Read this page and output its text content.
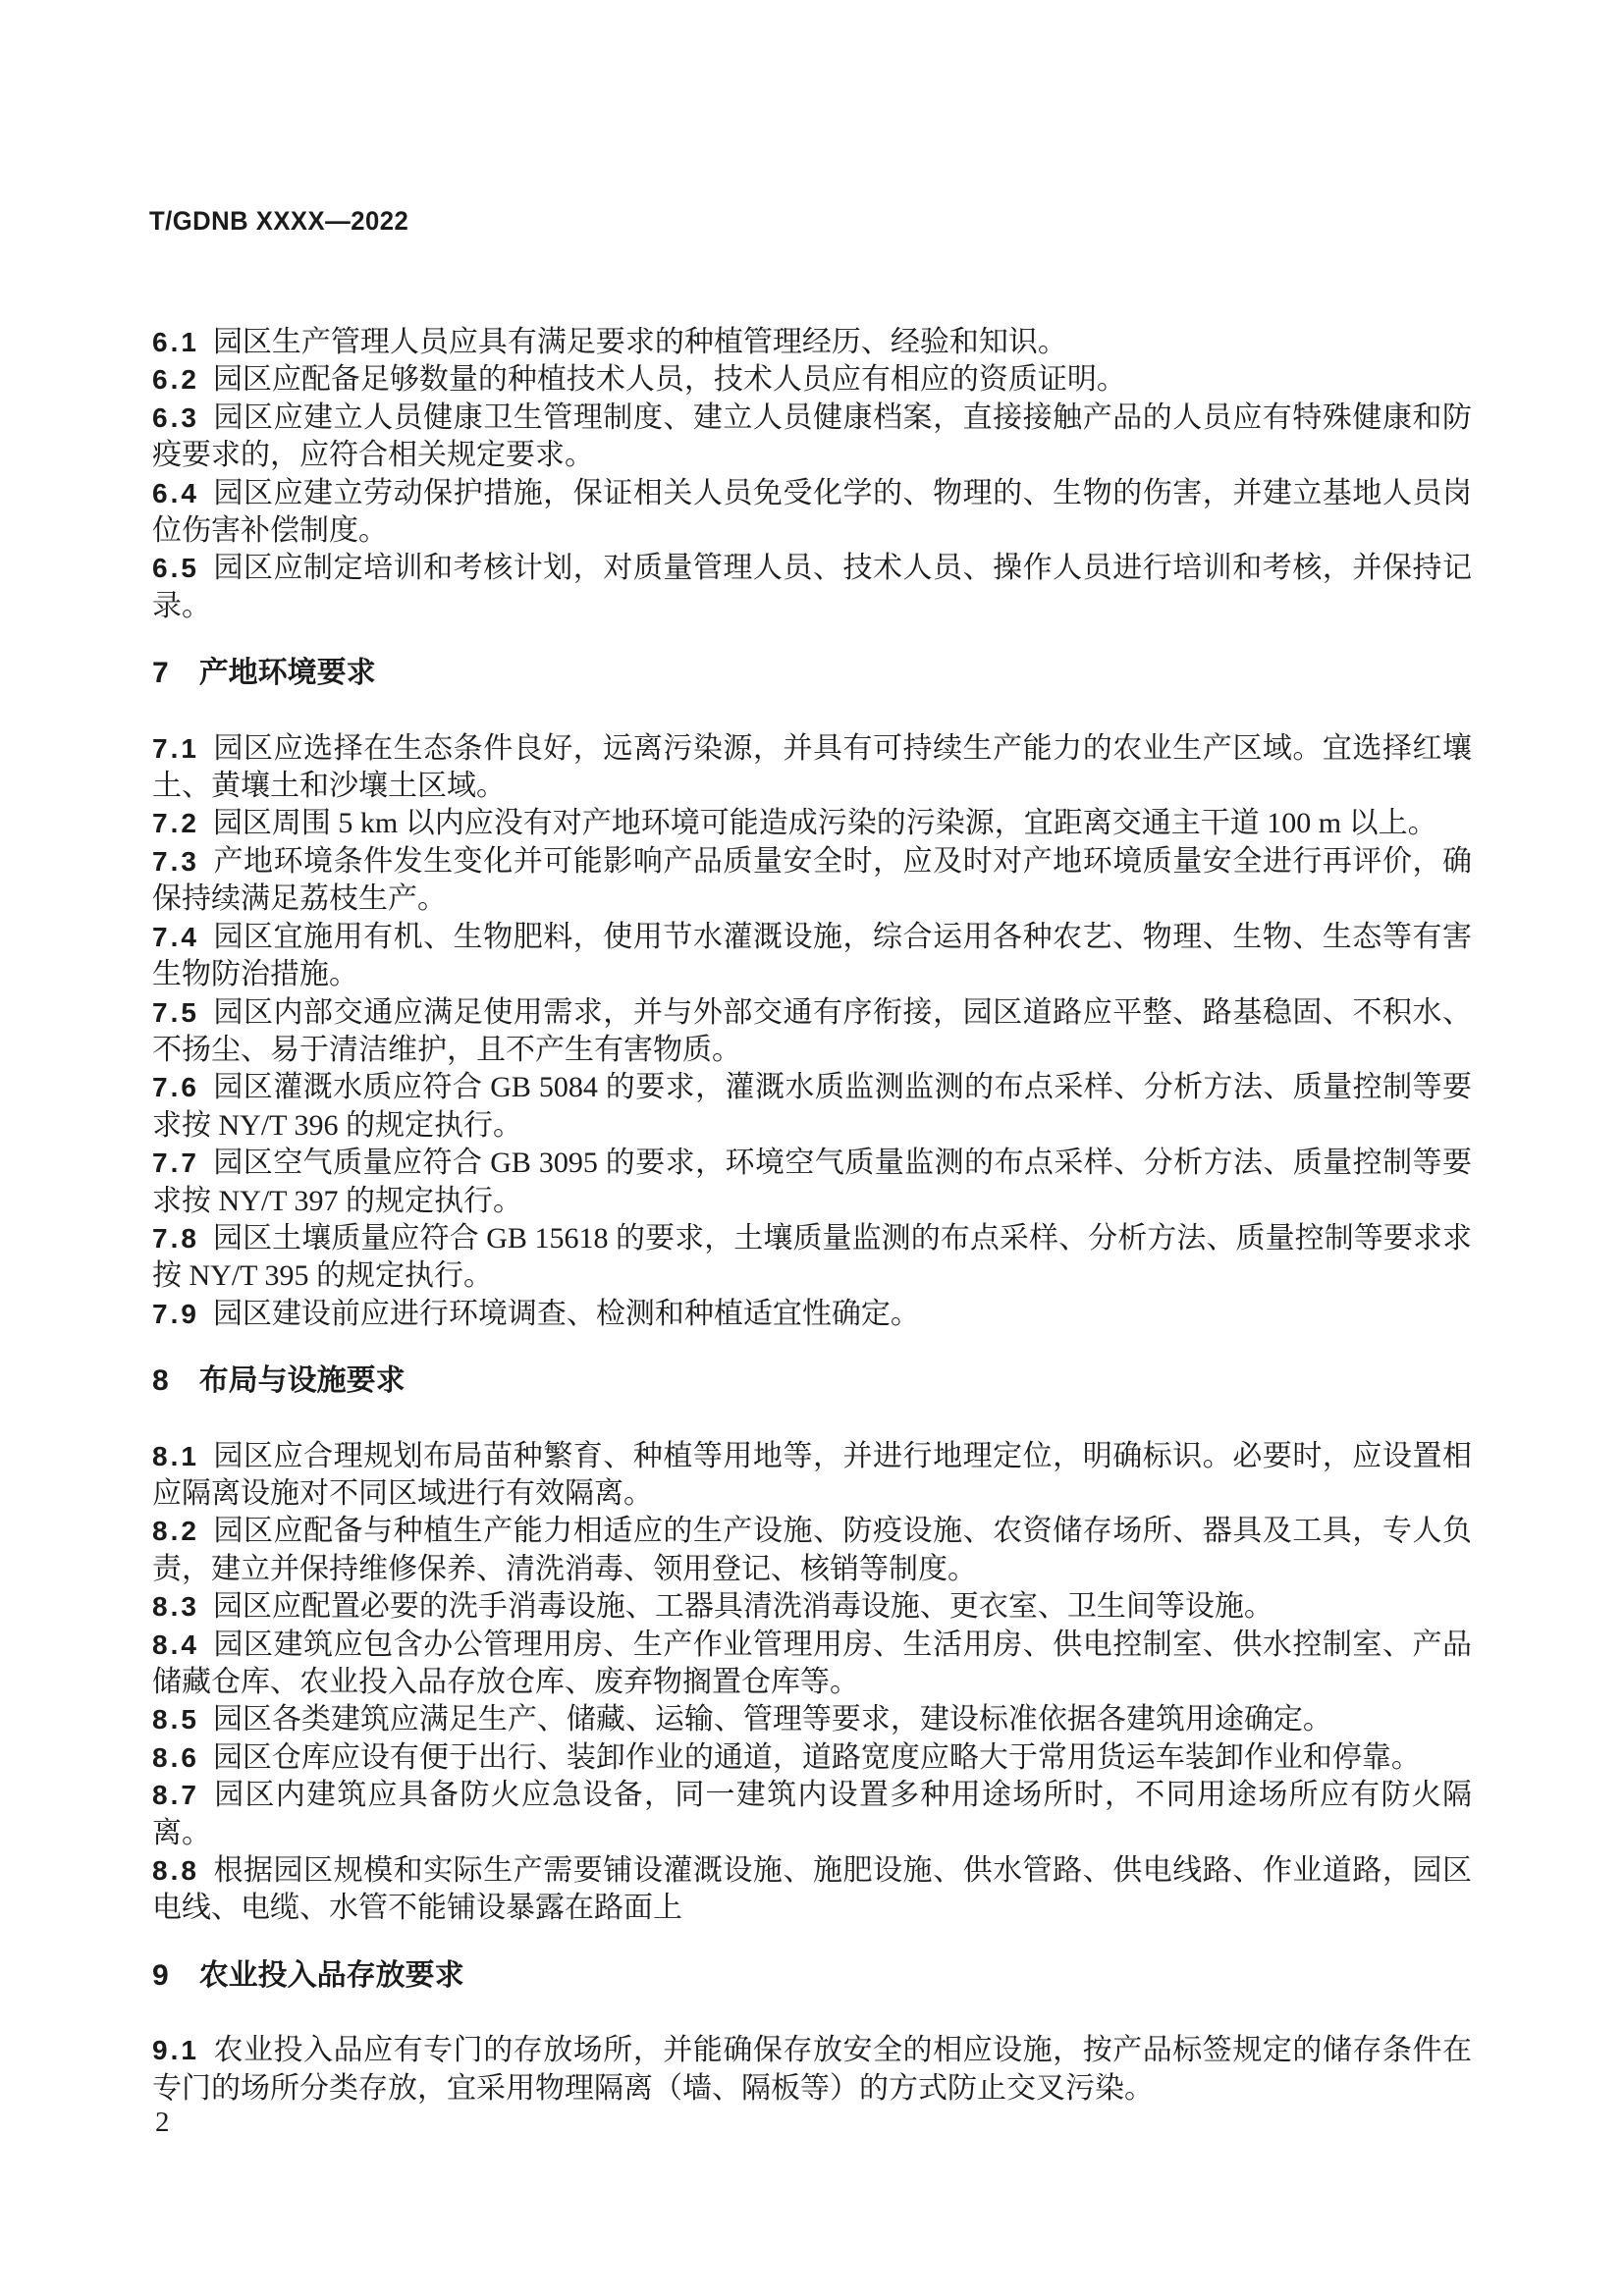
T/GDNB XXXX—2022

6.1 园区生产管理人员应具有满足要求的种植管理经历、经验和知识。

6.2 园区应配备足够数量的种植技术人员，技术人员应有相应的资质证明。

6.3 园区应建立人员健康卫生管理制度、建立人员健康档案，直接接触产品的人员应有特殊健康和防疫要求的，应符合相关规定要求。

6.4 园区应建立劳动保护措施，保证相关人员免受化学的、物理的、生物的伤害，并建立基地人员岗位伤害补偿制度。

6.5 园区应制定培训和考核计划，对质量管理人员、技术人员、操作人员进行培训和考核，并保持记录。

7 产地环境要求

7.1 园区应选择在生态条件良好，远离污染源，并具有可持续生产能力的农业生产区域。宜选择红壤土、黄壤土和沙壤土区域。

7.2 园区周围 5 km 以内应没有对产地环境可能造成污染的污染源，宜距离交通主干道 100 m 以上。

7.3 产地环境条件发生变化并可能影响产品质量安全时，应及时对产地环境质量安全进行再评价，确保持续满足荔枝生产。

7.4 园区宜施用有机、生物肥料，使用节水灌溉设施，综合运用各种农艺、物理、生物、生态等有害生物防治措施。

7.5 园区内部交通应满足使用需求，并与外部交通有序衔接，园区道路应平整、路基稳固、不积水、不扬尘、易于清洁维护，且不产生有害物质。

7.6 园区灌溉水质应符合 GB 5084 的要求，灌溉水质监测监测的布点采样、分析方法、质量控制等要求按 NY/T 396 的规定执行。

7.7 园区空气质量应符合 GB 3095 的要求，环境空气质量监测的布点采样、分析方法、质量控制等要求按 NY/T 397 的规定执行。

7.8 园区土壤质量应符合 GB 15618 的要求，土壤质量监测的布点采样、分析方法、质量控制等要求求按 NY/T 395 的规定执行。

7.9 园区建设前应进行环境调查、检测和种植适宜性确定。

8 布局与设施要求

8.1 园区应合理规划布局苗种繁育、种植等用地等，并进行地理定位，明确标识。必要时，应设置相应隔离设施对不同区域进行有效隔离。

8.2 园区应配备与种植生产能力相适应的生产设施、防疫设施、农资储存场所、器具及工具，专人负责，建立并保持维修保养、清洗消毒、领用登记、核销等制度。

8.3 园区应配置必要的洗手消毒设施、工器具清洗消毒设施、更衣室、卫生间等设施。

8.4 园区建筑应包含办公管理用房、生产作业管理用房、生活用房、供电控制室、供水控制室、产品储藏仓库、农业投入品存放仓库、废弃物搁置仓库等。

8.5 园区各类建筑应满足生产、储藏、运输、管理等要求，建设标准依据各建筑用途确定。

8.6 园区仓库应设有便于出行、装卸作业的通道，道路宽度应略大于常用货运车装卸作业和停靠。

8.7 园区内建筑应具备防火应急设备，同一建筑内设置多种用途场所时，不同用途场所应有防火隔离。

8.8 根据园区规模和实际生产需要铺设灌溉设施、施肥设施、供水管路、供电线路、作业道路，园区电线、电缆、水管不能铺设暴露在路面上

9 农业投入品存放要求

9.1 农业投入品应有专门的存放场所，并能确保存放安全的相应设施，按产品标签规定的储存条件在专门的场所分类存放，宜采用物理隔离（墙、隔板等）的方式防止交叉污染。

2
